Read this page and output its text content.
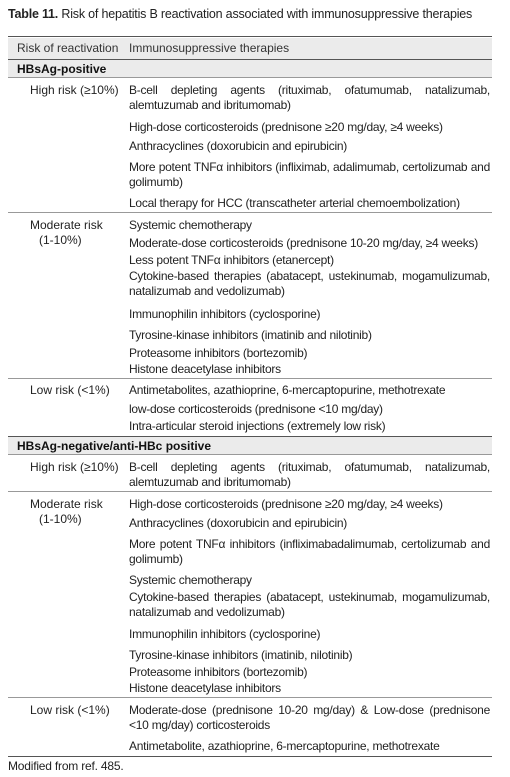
Table 11. Risk of hepatitis B reactivation associated with immunosuppressive therapies
Risk of reactivation Immunosuppressive therapies
HBsAg-positive
High risk (≥10%) B-cell depleting agents (rituximab, ofatumumab, natalizumab, alemtuzumab and ibritumomab)
High-dose corticosteroids (prednisone ≥20 mg/day, ≥4 weeks)
Anthracyclines (doxorubicin and epirubicin)
More potent TNFα inhibitors (infliximab, adalimumab, certolizumab and golimumb)
Local therapy for HCC (transcatheter arterial chemoembolization)
Moderate risk
(1-10%)
Systemic chemotherapy
Moderate-dose corticosteroids (prednisone 10-20 mg/day, ≥4 weeks)
Less potent TNFα inhibitors (etanercept)
Cytokine-based therapies (abatacept, ustekinumab, mogamulizumab, natalizumab and vedolizumab)
Immunophilin inhibitors (cyclosporine)
Tyrosine-kinase inhibitors (imatinib and nilotinib)
Proteasome inhibitors (bortezomib)
Histone deacetylase inhibitors
Low risk (<1%) Antimetabolites, azathioprine, 6-mercaptopurine, methotrexate
low-dose corticosteroids (prednisone <10 mg/day)
Intra-articular steroid injections (extremely low risk)
HBsAg-negative/anti-HBc positive
High risk (≥10%) B-cell depleting agents (rituximab, ofatumumab, natalizumab, alemtuzumab and ibritumomab)
Moderate risk
(1-10%)
High-dose corticosteroids (prednisone ≥20 mg/day, ≥4 weeks)
Anthracyclines (doxorubicin and epirubicin)
More potent TNFα inhibitors (infliximabadalimumab, certolizumab and golimumb)
Systemic chemotherapy
Cytokine-based therapies (abatacept, ustekinumab, mogamulizumab, natalizumab and vedolizumab)
Immunophilin inhibitors (cyclosporine)
Tyrosine-kinase inhibitors (imatinib, nilotinib)
Proteasome inhibitors (bortezomib)
Histone deacetylase inhibitors
Low risk (<1%) Moderate-dose (prednisone 10-20 mg/day) & Low-dose (prednisone <10 mg/day) corticosteroids
Antimetabolite, azathioprine, 6-mercaptopurine, methotrexate
Modified from ref. 485.
